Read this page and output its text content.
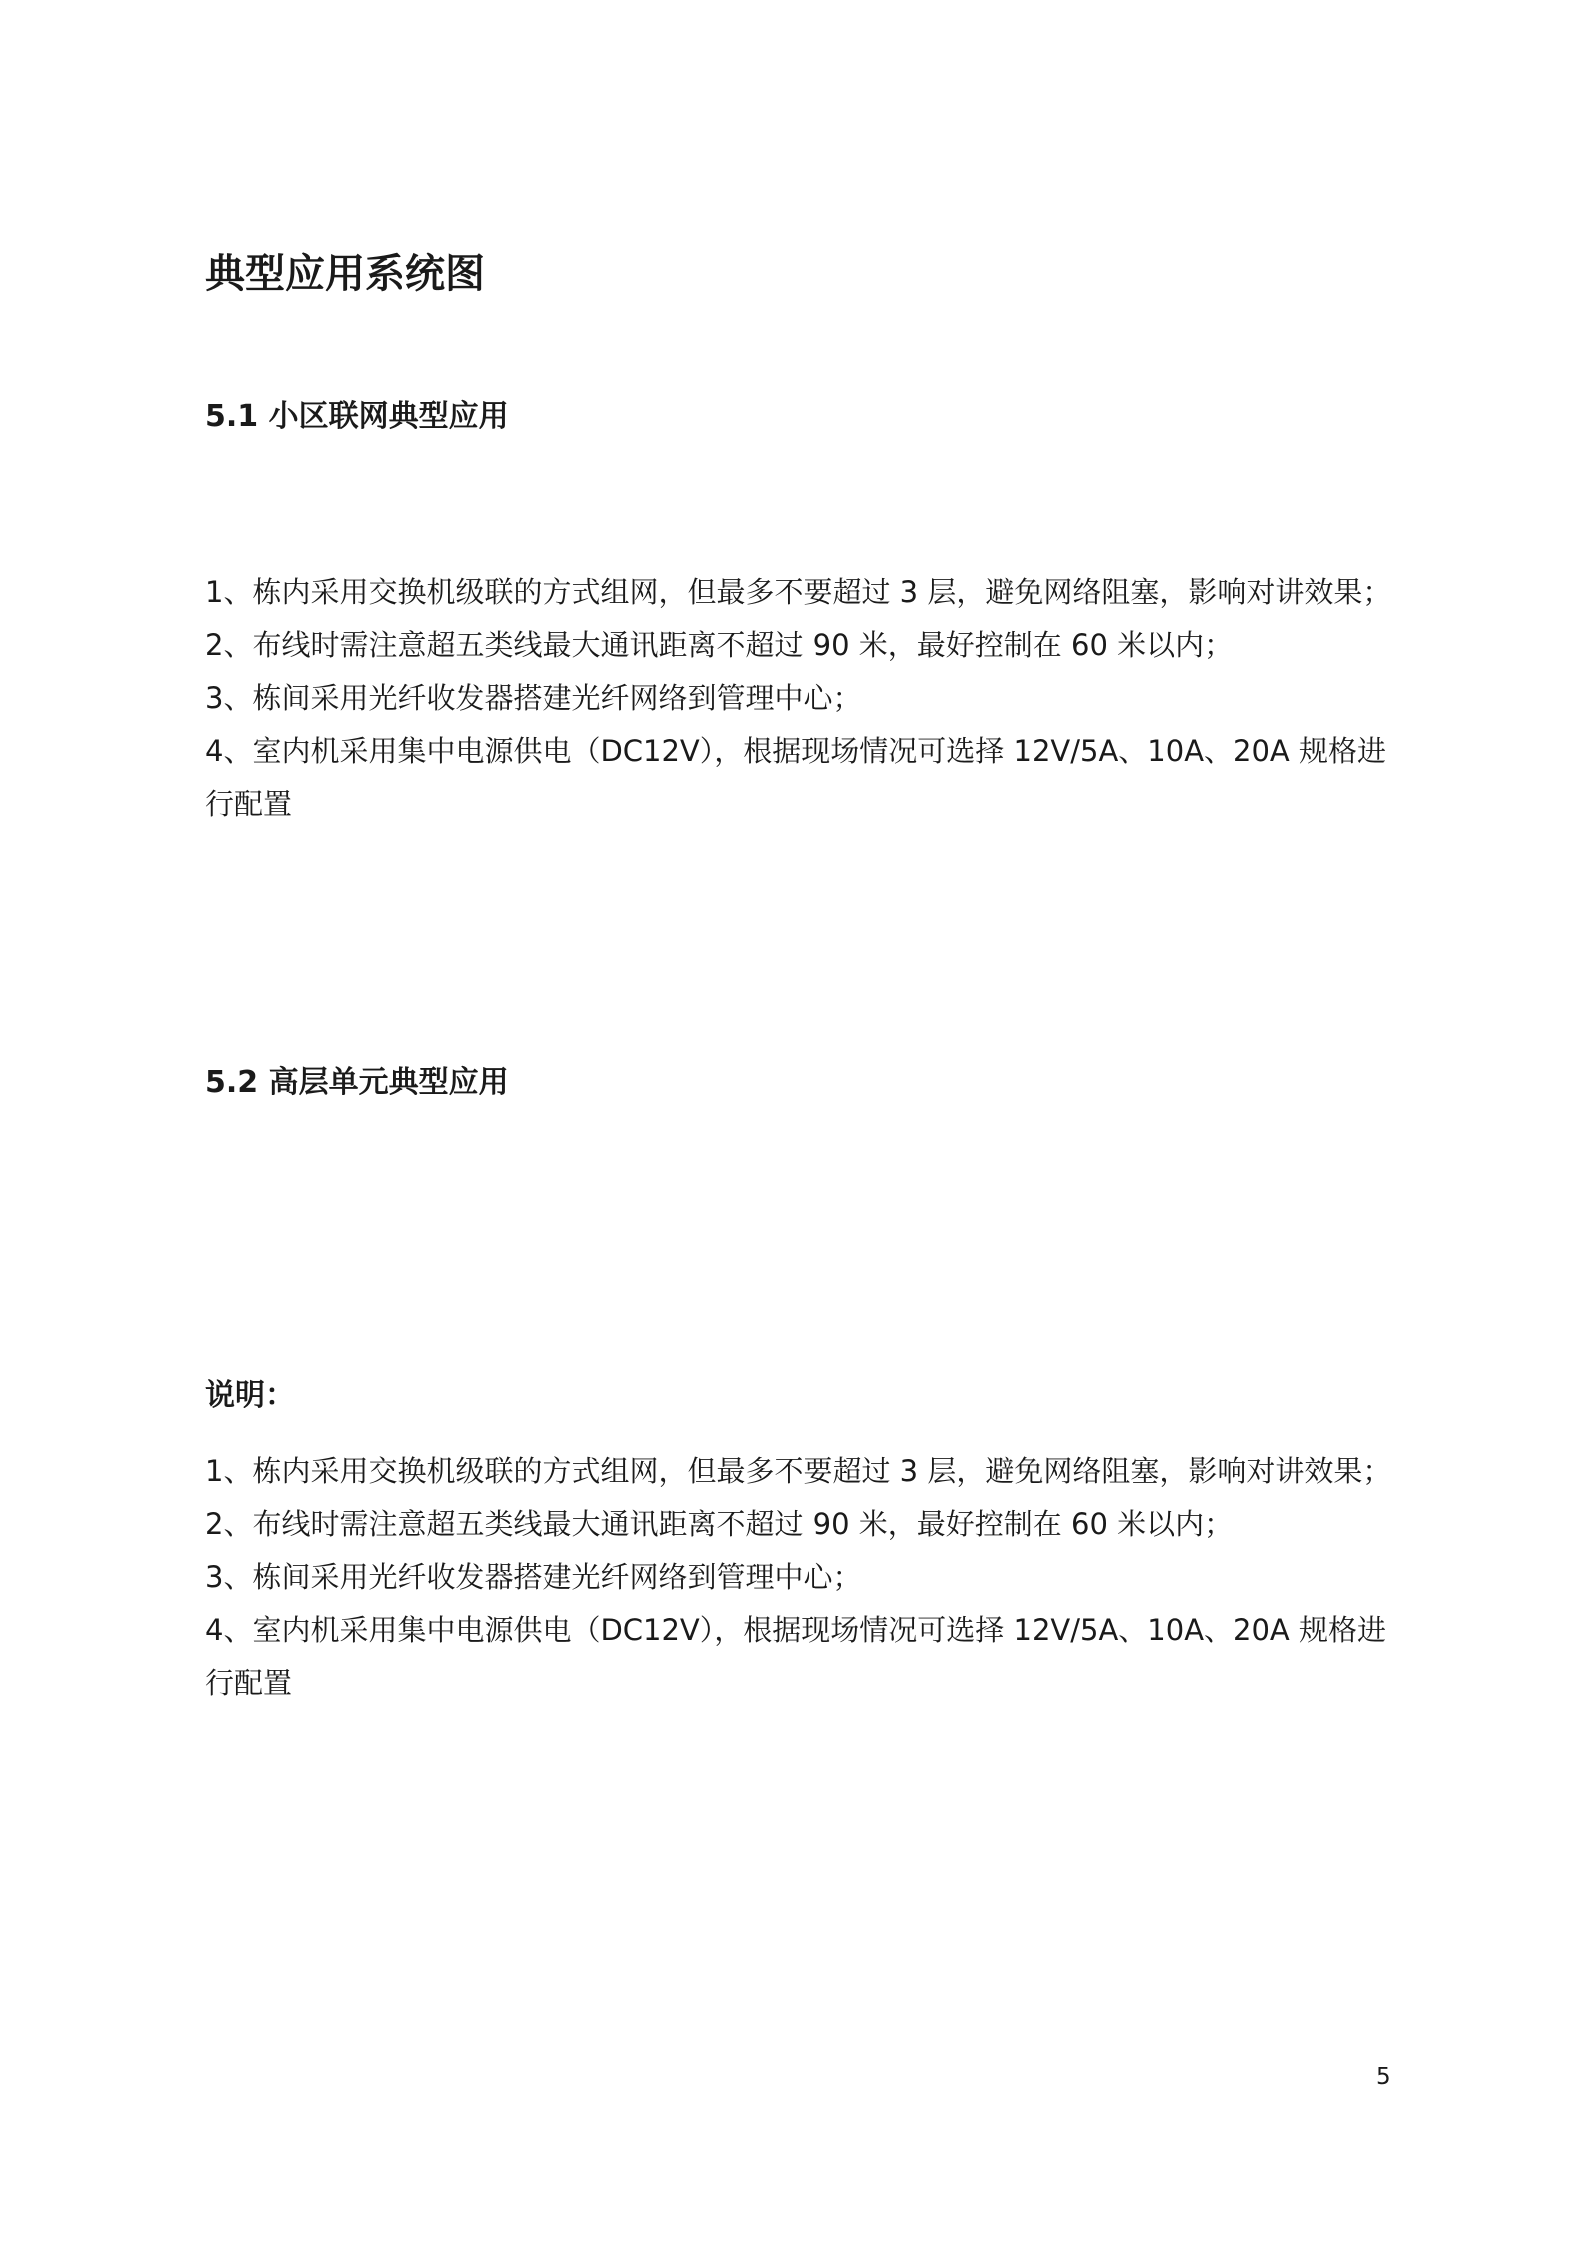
典型应用系统图
5.1 小区联网典型应用
1、栋内采用交换机级联的方式组网，但最多不要超过 3 层，避免网络阻塞，影响对讲效果；
2、布线时需注意超五类线最大通讯距离不超过 90 米，最好控制在 60 米以内；
3、栋间采用光纤收发器搭建光纤网络到管理中心；
4、室内机采用集中电源供电（DC12V），根据现场情况可选择 12V/5A、10A、20A 规格进行配置
5.2 高层单元典型应用

说明：

1、栋内采用交换机级联的方式组网，但最多不要超过 3 层，避免网络阻塞，影响对讲效果；
2、布线时需注意超五类线最大通讯距离不超过 90 米，最好控制在 60 米以内；
3、栋间采用光纤收发器搭建光纤网络到管理中心；
4、室内机采用集中电源供电（DC12V），根据现场情况可选择 12V/5A、10A、20A 规格进行配置
5
